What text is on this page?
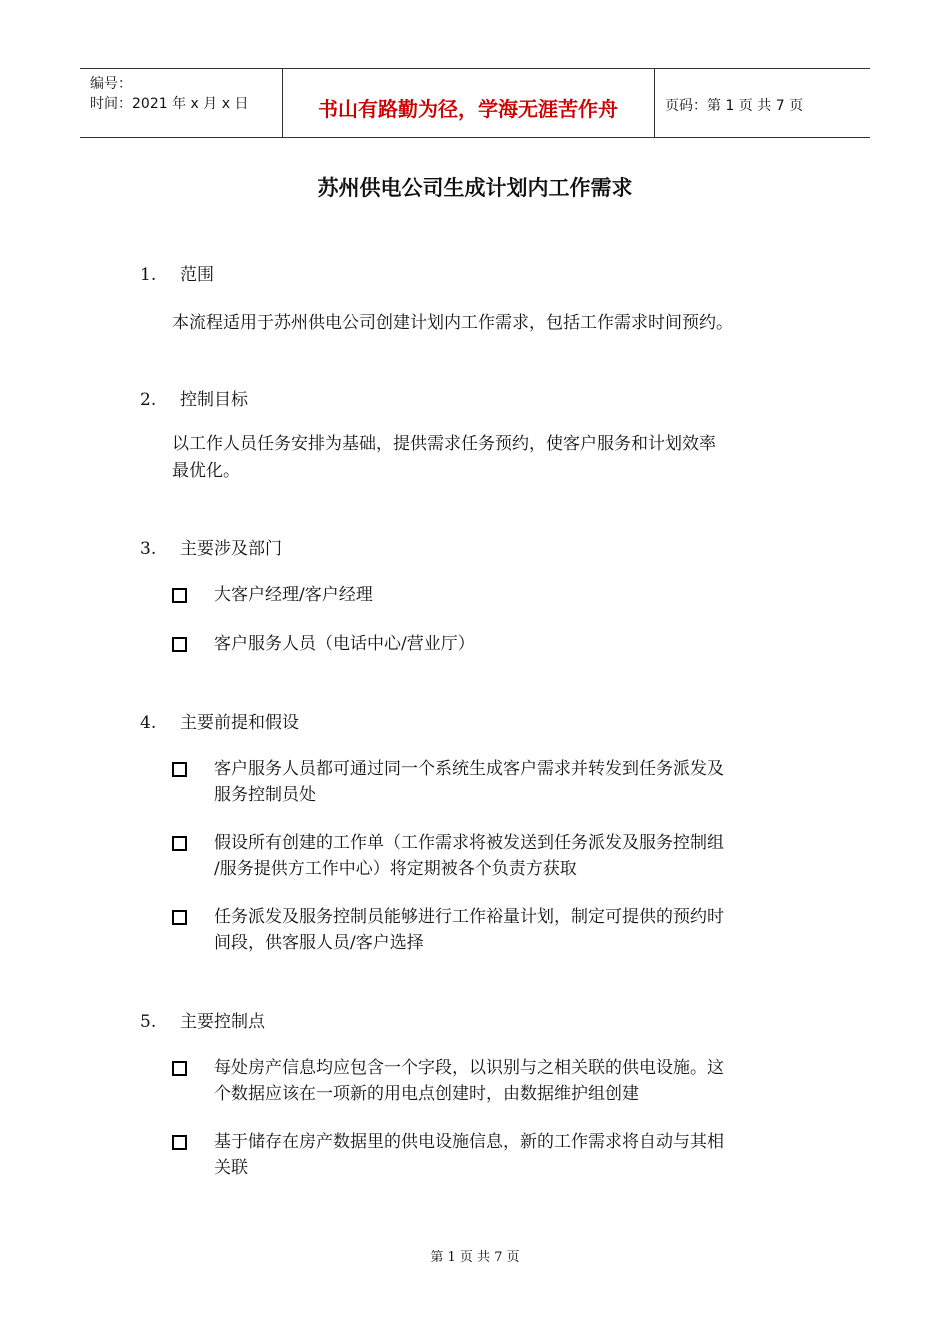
编号：
时间：2021 年 x 月 x 日	书山有路勤为径，学海无涯苦作舟	页码：第 1 页 共 7 页
苏州供电公司生成计划内工作需求
1. 范围
本流程适用于苏州供电公司创建计划内工作需求，包括工作需求时间预约。
2. 控制目标
以工作人员任务安排为基础，提供需求任务预约，使客户服务和计划效率
最优化。
3. 主要涉及部门
大客户经理/客户经理
客户服务人员（电话中心/营业厅）
4. 主要前提和假设
客户服务人员都可通过同一个系统生成客户需求并转发到任务派发及
服务控制员处
假设所有创建的工作单（工作需求将被发送到任务派发及服务控制组
/服务提供方工作中心）将定期被各个负责方获取
任务派发及服务控制员能够进行工作裕量计划，制定可提供的预约时
间段，供客服人员/客户选择
5. 主要控制点
每处房产信息均应包含一个字段，以识别与之相关联的供电设施。这
个数据应该在一项新的用电点创建时，由数据维护组创建
基于储存在房产数据里的供电设施信息，新的工作需求将自动与其相
关联
第 1 页 共 7 页
